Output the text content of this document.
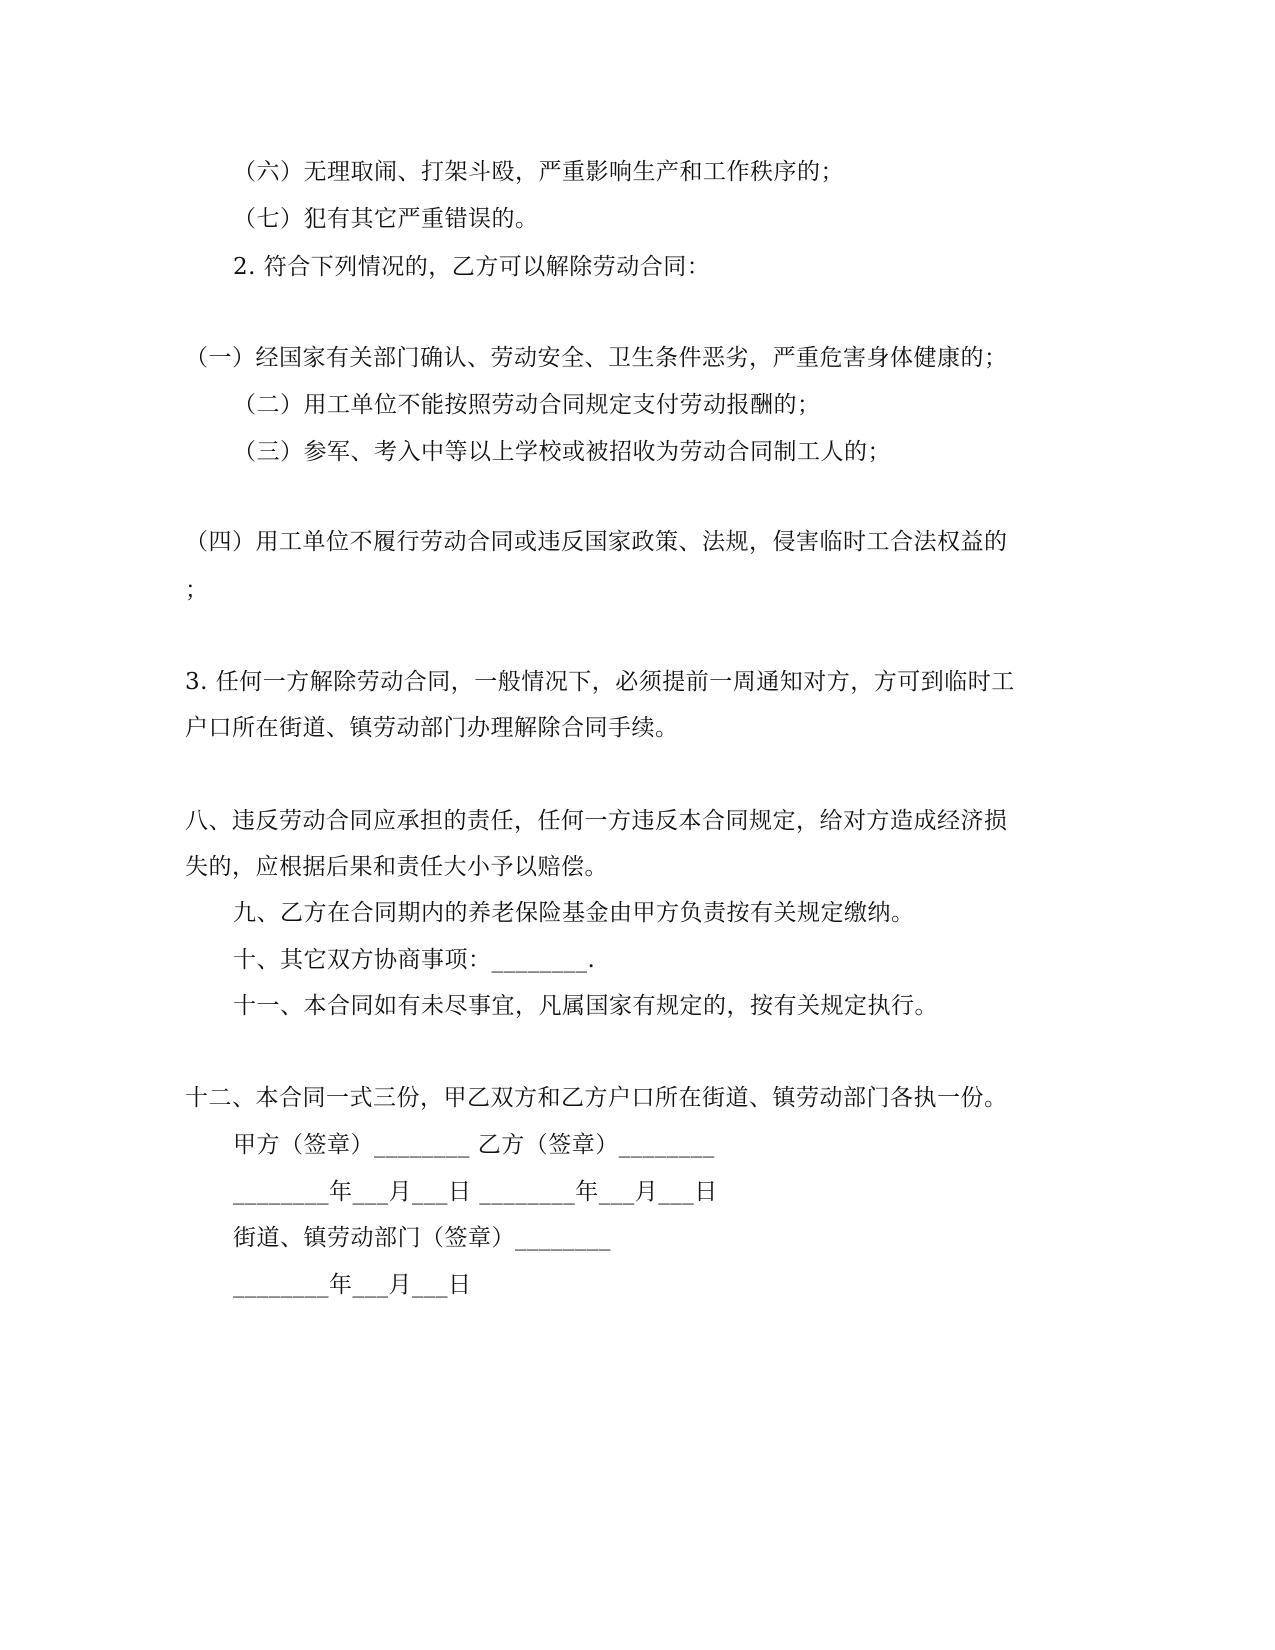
（六）无理取闹、打架斗殴，严重影响生产和工作秩序的；
（七）犯有其它严重错误的。
2. 符合下列情况的，乙方可以解除劳动合同：
（一）经国家有关部门确认、劳动安全、卫生条件恶劣，严重危害身体健康的；
（二）用工单位不能按照劳动合同规定支付劳动报酬的；
（三）参军、考入中等以上学校或被招收为劳动合同制工人的；
（四）用工单位不履行劳动合同或违反国家政策、法规，侵害临时工合法权益的
；
3. 任何一方解除劳动合同，一般情况下，必须提前一周通知对方，方可到临时工
户口所在街道、镇劳动部门办理解除合同手续。
八、违反劳动合同应承担的责任，任何一方违反本合同规定，给对方造成经济损
失的，应根据后果和责任大小予以赔偿。
九、乙方在合同期内的养老保险基金由甲方负责按有关规定缴纳。
十、其它双方协商事项：________.
十一、本合同如有未尽事宜，凡属国家有规定的，按有关规定执行。
十二、本合同一式三份，甲乙双方和乙方户口所在街道、镇劳动部门各执一份。
甲方（签章）________ 乙方（签章）________
________年___月___日 ________年___月___日
街道、镇劳动部门（签章）________
________年___月___日
